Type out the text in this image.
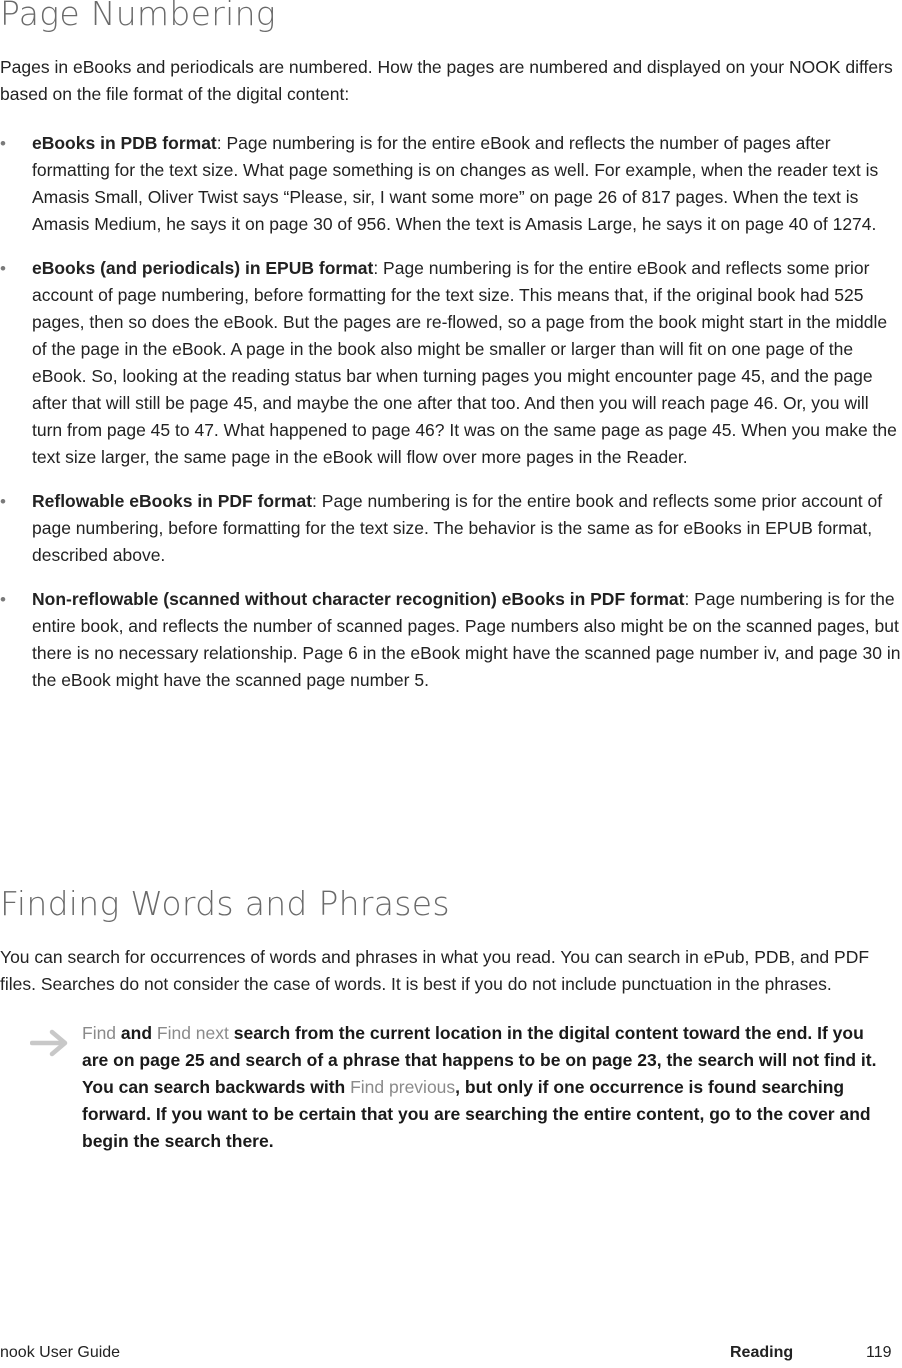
Page Numbering

Pages in eBooks and periodicals are numbered. How the pages are numbered and displayed on your NOOK differs based on the file format of the digital content:

• eBooks in PDB format: Page numbering is for the entire eBook and reflects the number of pages after formatting for the text size. What page something is on changes as well. For example, when the reader text is Amasis Small, Oliver Twist says “Please, sir, I want some more” on page 26 of 817 pages. When the text is Amasis Medium, he says it on page 30 of 956. When the text is Amasis Large, he says it on page 40 of 1274.
• eBooks (and periodicals) in EPUB format: Page numbering is for the entire eBook and reflects some prior account of page numbering, before formatting for the text size. This means that, if the original book had 525 pages, then so does the eBook. But the pages are re-flowed, so a page from the book might start in the middle of the page in the eBook. A page in the book also might be smaller or larger than will fit on one page of the eBook. So, looking at the reading status bar when turning pages you might encounter page 45, and the page after that will still be page 45, and maybe the one after that too. And then you will reach page 46. Or, you will turn from page 45 to 47. What happened to page 46? It was on the same page as page 45. When you make the text size larger, the same page in the eBook will flow over more pages in the Reader.
• Reflowable eBooks in PDF format: Page numbering is for the entire book and reflects some prior account of page numbering, before formatting for the text size. The behavior is the same as for eBooks in EPUB format, described above.
• Non-reflowable (scanned without character recognition) eBooks in PDF format: Page numbering is for the entire book, and reflects the number of scanned pages. Page numbers also might be on the scanned pages, but there is no necessary relationship. Page 6 in the eBook might have the scanned page number iv, and page 30 in the eBook might have the scanned page number 5.
Finding Words and Phrases

You can search for occurrences of words and phrases in what you read. You can search in ePub, PDB, and PDF files. Searches do not consider the case of words. It is best if you do not include punctuation in the phrases.

Find and Find next search from the current location in the digital content toward the end. If you are on page 25 and search of a phrase that happens to be on page 23, the search will not find it. You can search backwards with Find previous, but only if one occurrence is found searching forward. If you want to be certain that you are searching the entire content, go to the cover and begin the search there.

nook User Guide	Reading	119
